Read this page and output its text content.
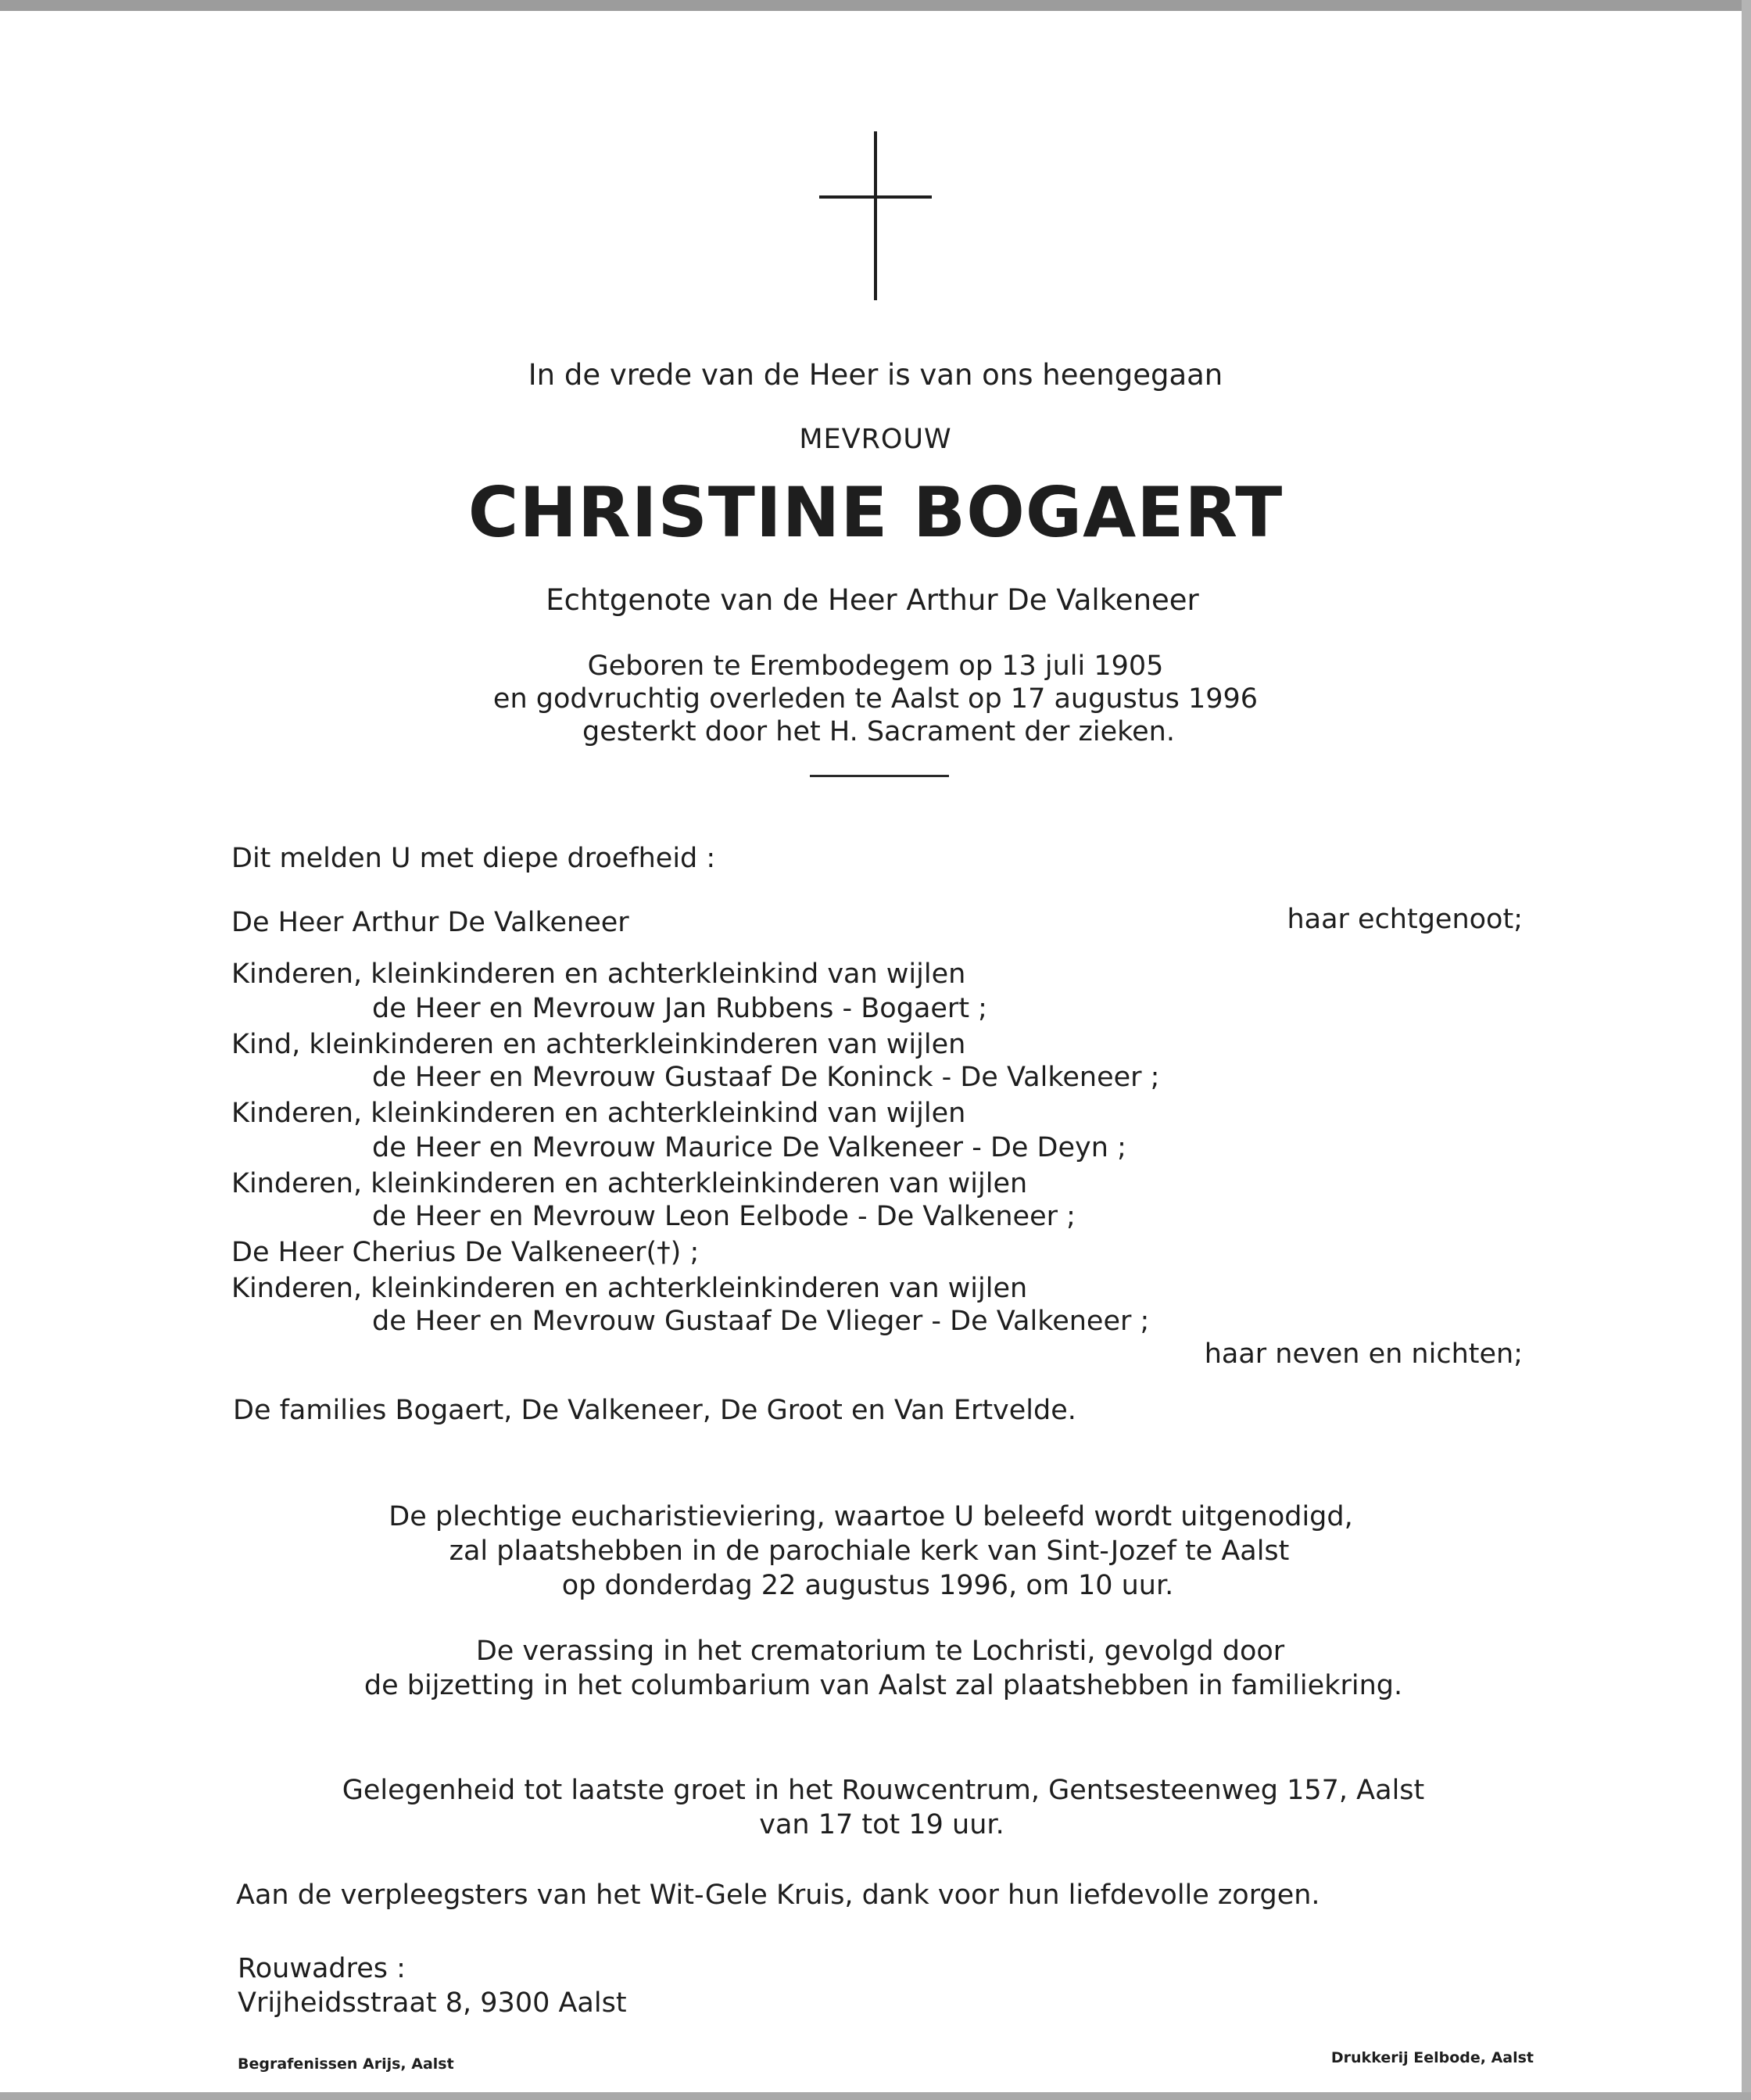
In de vrede van de Heer is van ons heengegaan
MEVROUW
CHRISTINE BOGAERT
Echtgenote van de Heer Arthur De Valkeneer
Geboren te Erembodegem op 13 juli 1905
en godvruchtig overleden te Aalst op 17 augustus 1996
gesterkt door het H. Sacrament der zieken.
Dit melden U met diepe droefheid :
De Heer Arthur De Valkeneer	haar echtgenoot;
Kinderen, kleinkinderen en achterkleinkind van wijlen
de Heer en Mevrouw Jan Rubbens - Bogaert ;
Kind, kleinkinderen en achterkleinkinderen van wijlen
de Heer en Mevrouw Gustaaf De Koninck - De Valkeneer ;
Kinderen, kleinkinderen en achterkleinkind van wijlen
de Heer en Mevrouw Maurice De Valkeneer - De Deyn ;
Kinderen, kleinkinderen en achterkleinkinderen van wijlen
de Heer en Mevrouw Leon Eelbode - De Valkeneer ;
De Heer Cherius De Valkeneer(†) ;
Kinderen, kleinkinderen en achterkleinkinderen van wijlen
de Heer en Mevrouw Gustaaf De Vlieger - De Valkeneer ;
haar neven en nichten;
De families Bogaert, De Valkeneer, De Groot en Van Ertvelde.
De plechtige eucharistieviering, waartoe U beleefd wordt uitgenodigd,
zal plaatshebben in de parochiale kerk van Sint-Jozef te Aalst
op donderdag 22 augustus 1996, om 10 uur.
De verassing in het crematorium te Lochristi, gevolgd door
de bijzetting in het columbarium van Aalst zal plaatshebben in familiekring.
Gelegenheid tot laatste groet in het Rouwcentrum, Gentsesteenweg 157, Aalst
van 17 tot 19 uur.
Aan de verpleegsters van het Wit-Gele Kruis, dank voor hun liefdevolle zorgen.
Rouwadres :
Vrijheidsstraat 8, 9300 Aalst
Begrafenissen Arijs, Aalst	Drukkerij Eelbode, Aalst
